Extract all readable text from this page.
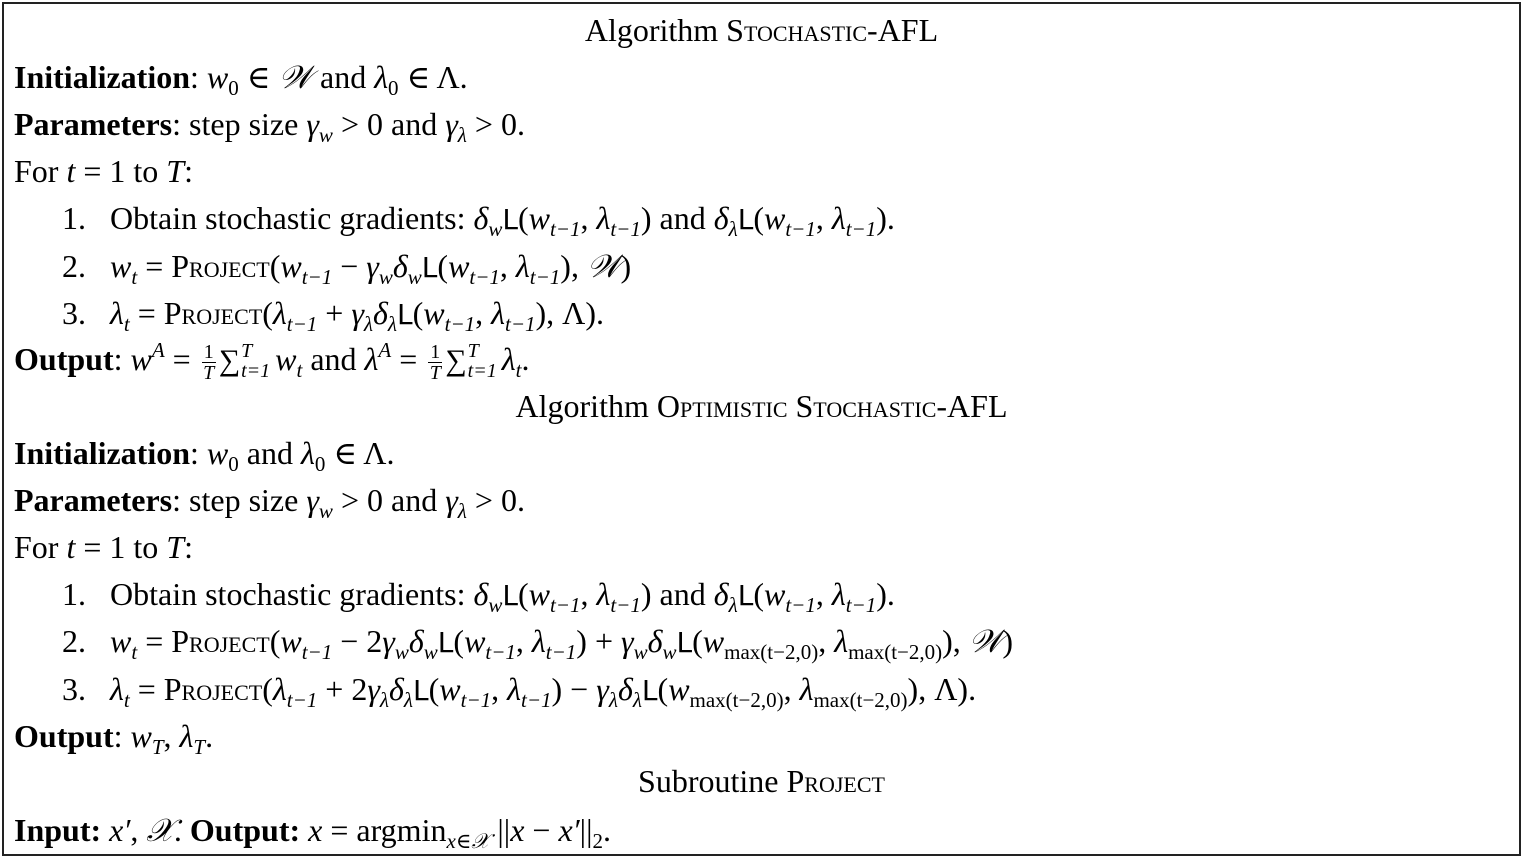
Algorithm Stochastic-AFL
Initialization: $w_0$ ∈ 𝒲 and $\lambda_0$ ∈ Λ.
Parameters: step size $\gamma_w > 0$ and $\gamma_\lambda > 0$.
For t = 1 to T:
1. Obtain stochastic gradients: $\delta_wL(w_{t-1}$, $\lambda_{t-1}$) and $\delta_\lambda L(w_{t-1}$, $\lambda_{t-1}$).
2. $w_t$ = $Project(w_{t-1} - \gamma_w\delta_wL(w_{t-1}$, $\lambda_{t-1}$), 𝒲)
3. $\lambda_t$ = $Project(\lambda_{t-1} + \gamma_\lambda\delta_\lambda L(w_{t-1}$, $\lambda_{t-1}$), Λ).
Output: $w^A = \frac{1}{T}$ ∑ T
t=1 $w_t$ and $\lambda^A = \frac{1}{T}$ ∑ T
t=1 $\lambda_t$.
Algorithm Optimistic Stochastic-AFL
Initialization: $w_0$ and $\lambda_0$ ∈ Λ.
Parameters: step size $\gamma_w > 0$ and $\gamma_\lambda > 0$.
For t = 1 to T:
1. Obtain stochastic gradients: $\delta_wL(w_{t-1}$, $\lambda_{t-1}$) and $\delta_\lambda L(w_{t-1}$, $\lambda_{t-1}$).
2. $w_t$ = $Project(w_{t-1} - 2\gamma_w\delta_wL(w_{t-1}$, $\lambda_{t-1}) + \gamma_w\delta_wL(w_{max(t-2,0)}$, $\lambda_{max(t-2,0)}$), 𝒲)
3. $\lambda_t$ = $Project(\lambda_{t-1} + 2\gamma_\lambda\delta_\lambda L(w_{t-1}$, $\lambda_{t-1}) - \gamma_\lambda\delta_\lambda L(w_{max(t-2,0)}$, $\lambda_{max(t-2,0)}$), Λ).
Output: $w_T$, $\lambda_T$.
Subroutine Project
Input: x′, 𝒳. Output: x = argmin$_{x\in 𝒳}$ $||x - x'||_2$.
